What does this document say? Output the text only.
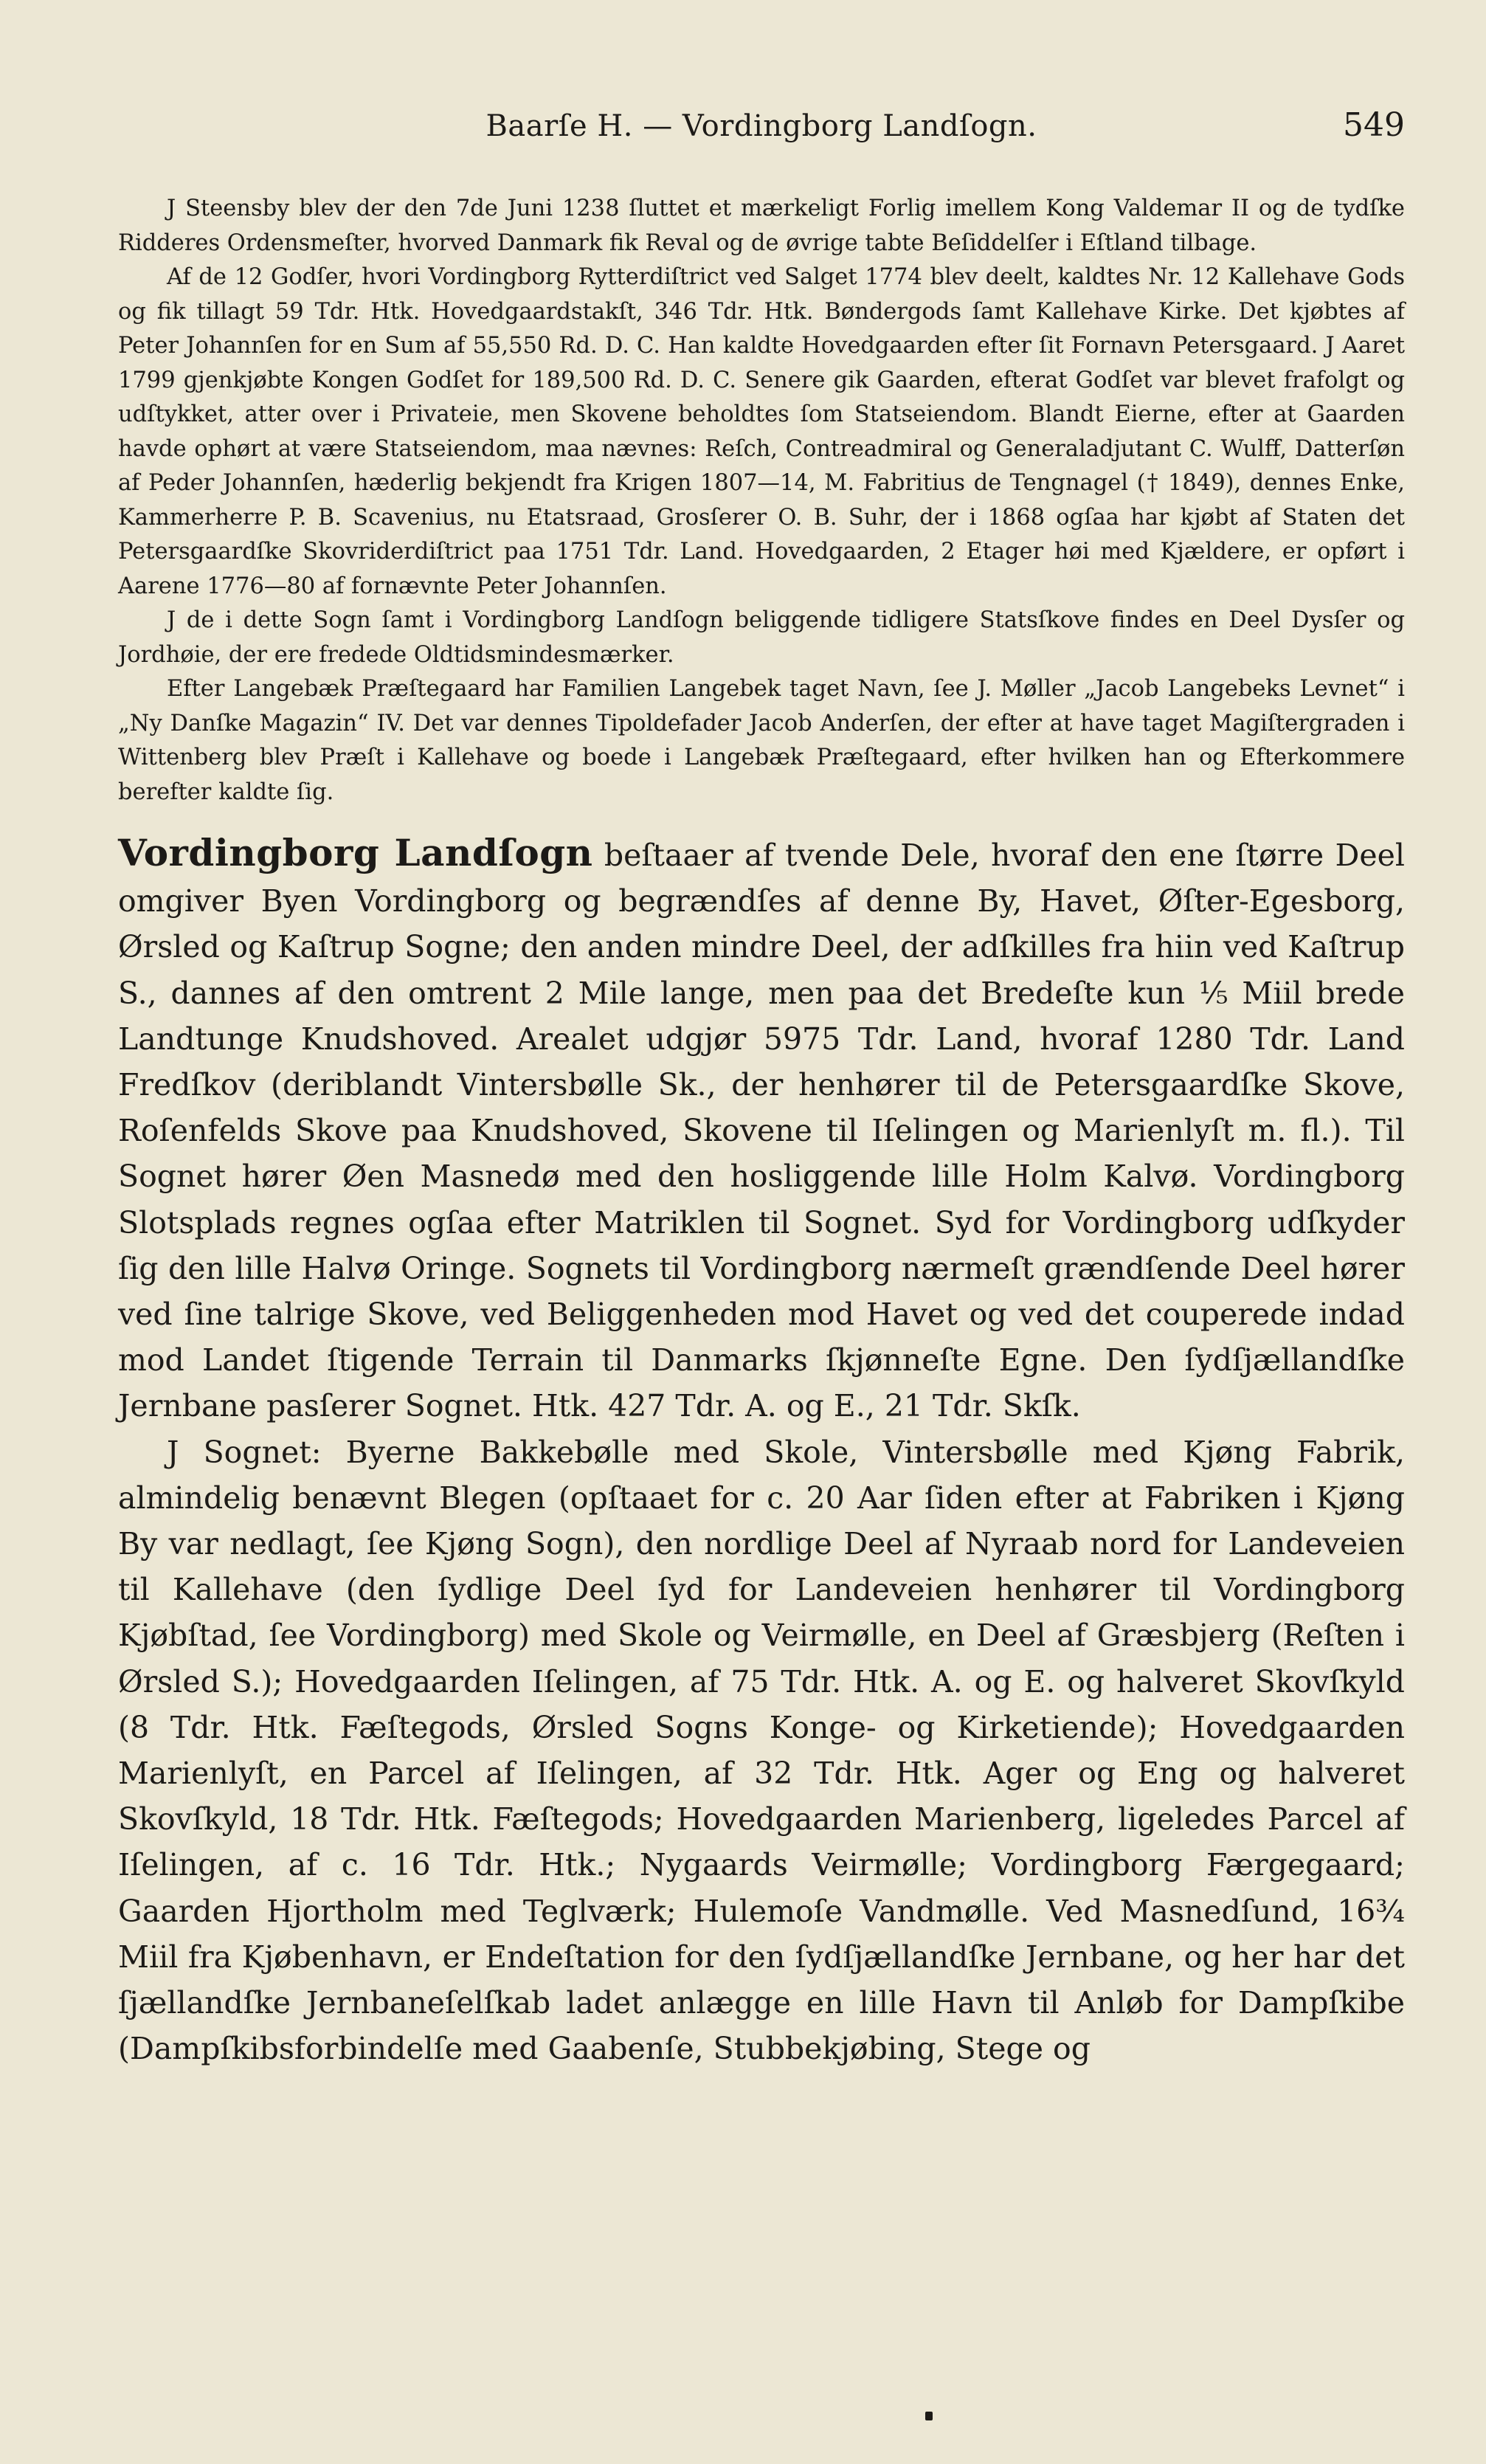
Baarſe H. — Vordingborg Landſogn.	549

J Steensby blev der den 7de Juni 1238 ſluttet et mærkeligt Forlig imellem Kong Valdemar II og de tydſke Ridderes Ordensmeſter, hvorved Danmark fik Reval og de øvrige tabte Beſiddelſer i Eſtland tilbage.

Af de 12 Godſer, hvori Vordingborg Rytterdiſtrict ved Salget 1774 blev deelt, kaldtes Nr. 12 Kallehave Gods og fik tillagt 59 Tdr. Htk. Hovedgaardstakſt, 346 Tdr. Htk. Bøndergods ſamt Kallehave Kirke. Det kjøbtes af Peter Johannſen for en Sum af 55,550 Rd. D. C. Han kaldte Hovedgaarden efter ſit Fornavn Petersgaard. J Aaret 1799 gjenkjøbte Kongen Godſet for 189,500 Rd. D. C. Senere gik Gaarden, efterat Godſet var blevet frafolgt og udſtykket, atter over i Privateie, men Skovene beholdtes ſom Statseiendom. Blandt Eierne, efter at Gaarden havde ophørt at være Statseiendom, maa nævnes: Reſch, Contreadmiral og Generaladjutant C. Wulff, Datterſøn af Peder Johannſen, hæderlig bekjendt fra Krigen 1807—14, M. Fabritius de Tengnagel († 1849), dennes Enke, Kammerherre P. B. Scavenius, nu Etatsraad, Grosſerer O. B. Suhr, der i 1868 ogſaa har kjøbt af Staten det Petersgaardſke Skovriderdiſtrict paa 1751 Tdr. Land. Hovedgaarden, 2 Etager høi med Kjældere, er opført i Aarene 1776—80 af fornævnte Peter Johannſen.

J de i dette Sogn ſamt i Vordingborg Landſogn beliggende tidligere Statsſkove findes en Deel Dysſer og Jordhøie, der ere fredede Oldtidsmindesmærker.

Efter Langebæk Præſtegaard har Familien Langebek taget Navn, ſee J. Møller „Jacob Langebeks Levnet“ i „Ny Danſke Magazin“ IV. Det var dennes Tipoldefader Jacob Anderſen, der efter at have taget Magiſtergraden i Wittenberg blev Præſt i Kallehave og boede i Langebæk Præſtegaard, efter hvilken han og Efterkommere berefter kaldte ſig.

Vordingborg Landſogn beſtaaer af tvende Dele, hvoraf den ene ſtørre Deel omgiver Byen Vordingborg og begrændſes af denne By, Havet, Øſter-Egesborg, Ørsled og Kaſtrup Sogne; den anden mindre Deel, der adſkilles fra hiin ved Kaſtrup S., dannes af den omtrent 2 Mile lange, men paa det Bredeſte kun ⅕ Miil brede Landtunge Knudshoved. Arealet udgjør 5975 Tdr. Land, hvoraf 1280 Tdr. Land Fredſkov (deriblandt Vintersbølle Sk., der henhører til de Petersgaardſke Skove, Roſenfelds Skove paa Knudshoved, Skovene til Iſelingen og Marienlyſt m. fl.). Til Sognet hører Øen Masnedø med den hosliggende lille Holm Kalvø. Vordingborg Slotsplads regnes ogſaa efter Matriklen til Sognet. Syd for Vordingborg udſkyder ſig den lille Halvø Oringe. Sognets til Vordingborg nærmeſt grændſende Deel hører ved ſine talrige Skove, ved Beliggenheden mod Havet og ved det couperede indad mod Landet ſtigende Terrain til Danmarks ſkjønneſte Egne. Den ſydſjællandſke Jernbane pasſerer Sognet. Htk. 427 Tdr. A. og E., 21 Tdr. Skſk.

J Sognet: Byerne Bakkebølle med Skole, Vintersbølle med Kjøng Fabrik, almindelig benævnt Blegen (opſtaaet for c. 20 Aar ſiden efter at Fabriken i Kjøng By var nedlagt, ſee Kjøng Sogn), den nordlige Deel af Nyraab nord for Landeveien til Kallehave (den ſydlige Deel ſyd for Landeveien henhører til Vordingborg Kjøbſtad, ſee Vordingborg) med Skole og Veirmølle, en Deel af Græsbjerg (Reſten i Ørsled S.); Hovedgaarden Iſelingen, af 75 Tdr. Htk. A. og E. og halveret Skovſkyld (8 Tdr. Htk. Fæſtegods, Ørsled Sogns Konge- og Kirketiende); Hovedgaarden Marienlyſt, en Parcel af Iſelingen, af 32 Tdr. Htk. Ager og Eng og halveret Skovſkyld, 18 Tdr. Htk. Fæſtegods; Hovedgaarden Marienberg, ligeledes Parcel af Iſelingen, af c. 16 Tdr. Htk.; Nygaards Veirmølle; Vordingborg Færgegaard; Gaarden Hjortholm med Teglværk; Hulemoſe Vandmølle. Ved Masnedſund, 16¾ Miil fra Kjøbenhavn, er Endeſtation for den ſydſjællandſke Jernbane, og her har det ſjællandſke Jernbaneſelſkab ladet anlægge en lille Havn til Anløb for Dampſkibe (Dampſkibsforbindelſe med Gaabenſe, Stubbekjøbing, Stege og
